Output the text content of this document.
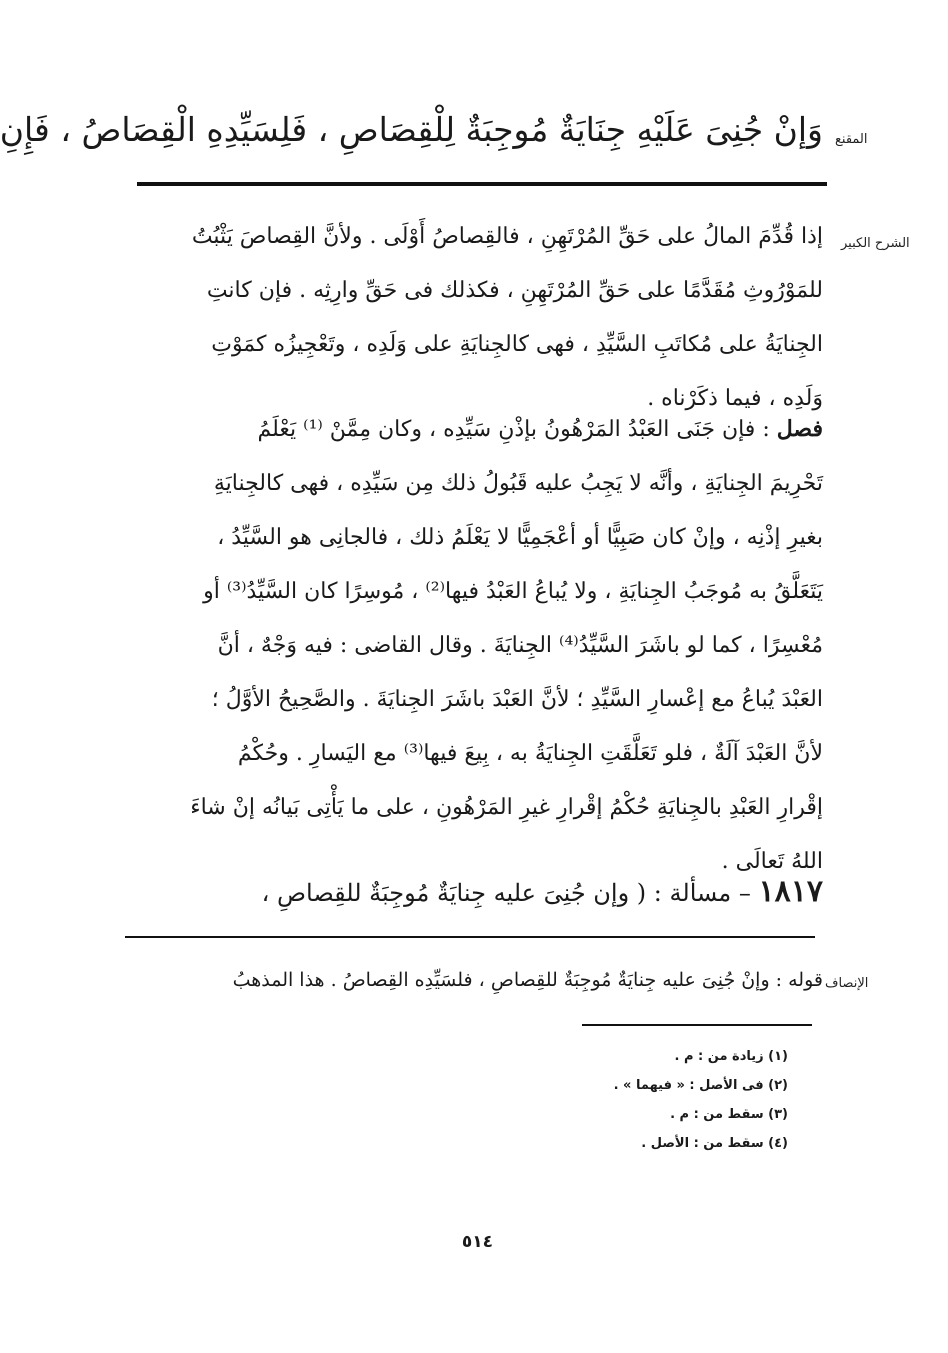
المقنع
وَإنْ جُنِىَ عَلَيْهِ جِنَايَةٌ مُوجِبَةٌ لِلْقِصَاصِ ، فَلِسَيِّدِهِ الْقِصَاصُ ، فَإِنِ
الشرح الكبير

إذا قُدِّمَ المالُ على حَقِّ المُرْتَهِنِ ، فالقِصاصُ أَوْلَى . ولأنَّ القِصاصَ يَثْبُتُ

للمَوْرُوثِ مُقَدَّمًا على حَقِّ المُرْتَهِنِ ، فكذلك فى حَقِّ وارِثِه . فإن كانتِ

الجِنايَةُ على مُكاتَبِ السَّيِّدِ ، فهى كالجِنايَةِ على وَلَدِه ، وتَعْجِيزُه كمَوْتِ

وَلَدِه ، فيما ذكَرْناه .

فصل : فإن جَنَى العَبْدُ المَرْهُونُ بإذْنِ سَيِّدِه ، وكان مِمَّنْ ⁽¹⁾ يَعْلَمُ

تَحْرِيمَ الجِنايَةِ ، وأنَّه لا يَجِبُ عليه قَبُولُ ذلك مِن سَيِّدِه ، فهى كالجِنايَةِ

بغيرِ إذْنِه ، وإنْ كان صَبِيًّا أو أعْجَمِيًّا لا يَعْلَمُ ذلك ، فالجانِى هو السَّيِّدُ ،

يَتَعَلَّقُ به مُوجَبُ الجِنايَةِ ، ولا يُباعُ العَبْدُ فيها⁽²⁾ ، مُوسِرًا كان السَّيِّدُ⁽³⁾ أو

مُعْسِرًا ، كما لو باشَرَ السَّيِّدُ⁽⁴⁾ الجِنايَةَ . وقال القاضى : فيه وَجْهٌ ، أنَّ

العَبْدَ يُباعُ مع إعْسارِ السَّيِّدِ ؛ لأنَّ العَبْدَ باشَرَ الجِنايَةَ . والصَّحِيحُ الأوَّلُ ؛

لأنَّ العَبْدَ آلَةٌ ، فلو تَعَلَّقَتِ الجِنايَةُ به ، بِيعَ فيها⁽³⁾ مع اليَسارِ . وحُكْمُ

إقْرارِ العَبْدِ بالجِنايَةِ حُكْمُ إقْرارِ غيرِ المَرْهُونِ ، على ما يَأْتِى بَيانُه إنْ شاءَ

اللهُ تَعالَى .

١٨١٧ – مسألة : ( وإن جُنِىَ عليه جِنايَةٌ مُوجِبَةٌ للقِصاصِ ،
الإنصاف
قوله : وإنْ جُنِىَ عليه جِنايَةٌ مُوجِبَةٌ للقِصاصِ ، فلسَيِّدِه القِصاصُ . هذا المذهبُ
(١) زيادة من : م .
(٢) فى الأصل : « فيهما » .
(٣) سقط من : م .
(٤) سقط من : الأصل .
٥١٤
